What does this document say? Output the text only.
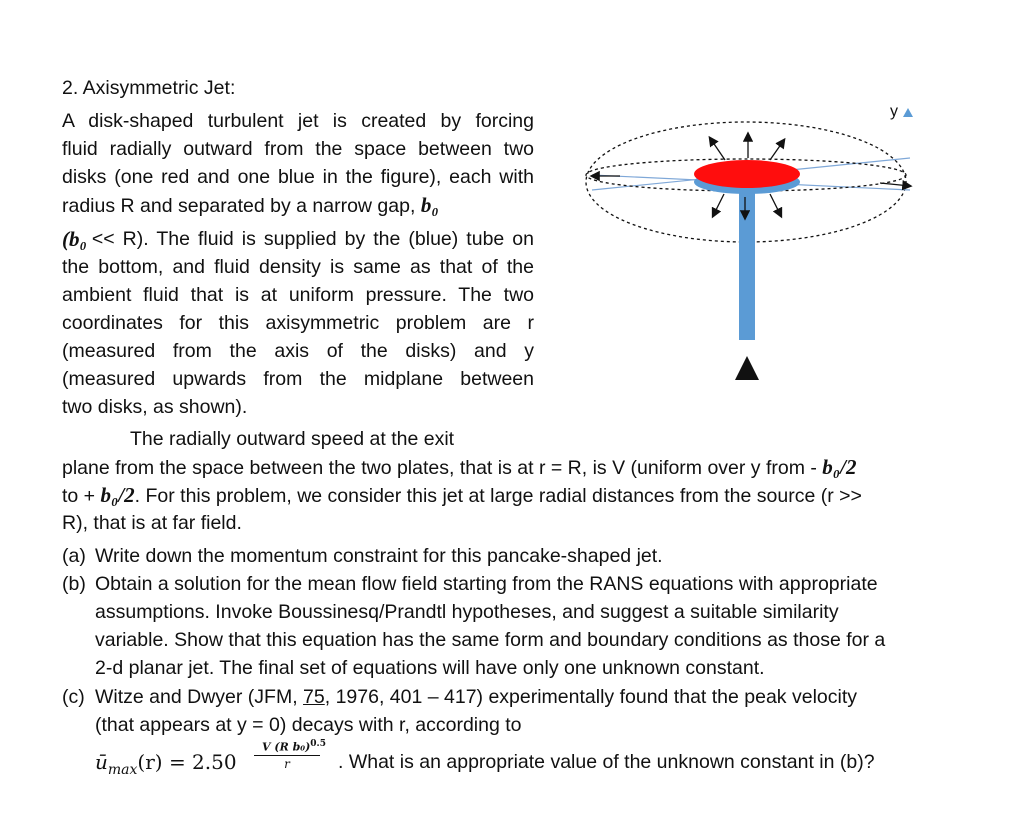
2. Axisymmetric Jet:
A disk-shaped turbulent jet is created by forcing
fluid radially outward from the space between two
disks (one red and one blue in the figure), each with
radius R and separated by a narrow gap, b₀
(b₀ << R). The fluid is supplied by the (blue) tube on
the bottom, and fluid density is same as that of the
ambient fluid that is at uniform pressure. The two
coordinates for this axisymmetric problem are r
(measured from the axis of the disks) and y
(measured upwards from the midplane between
two disks, as shown).
y
The radially outward speed at the exit
plane from the space between the two plates, that is at r = R, is V (uniform over y from - b₀/2
to + b₀/2. For this problem, we consider this jet at large radial distances from the source (r >>
R), that is at far field.
(a) Write down the momentum constraint for this pancake-shaped jet.
(b) Obtain a solution for the mean flow field starting from the RANS equations with appropriate
assumptions. Invoke Boussinesq/Prandtl hypotheses, and suggest a suitable similarity
variable. Show that this equation has the same form and boundary conditions as those for a
2-d planar jet. The final set of equations will have only one unknown constant.
(c) Witze and Dwyer (JFM, 75, 1976, 401 – 417) experimentally found that the peak velocity
(that appears at y = 0) decays with r, according to
$ū_{max}(r) = 2.50$
V (R b₀)$^{0.5}$
r	. What is an appropriate value of the unknown constant in (b)?
